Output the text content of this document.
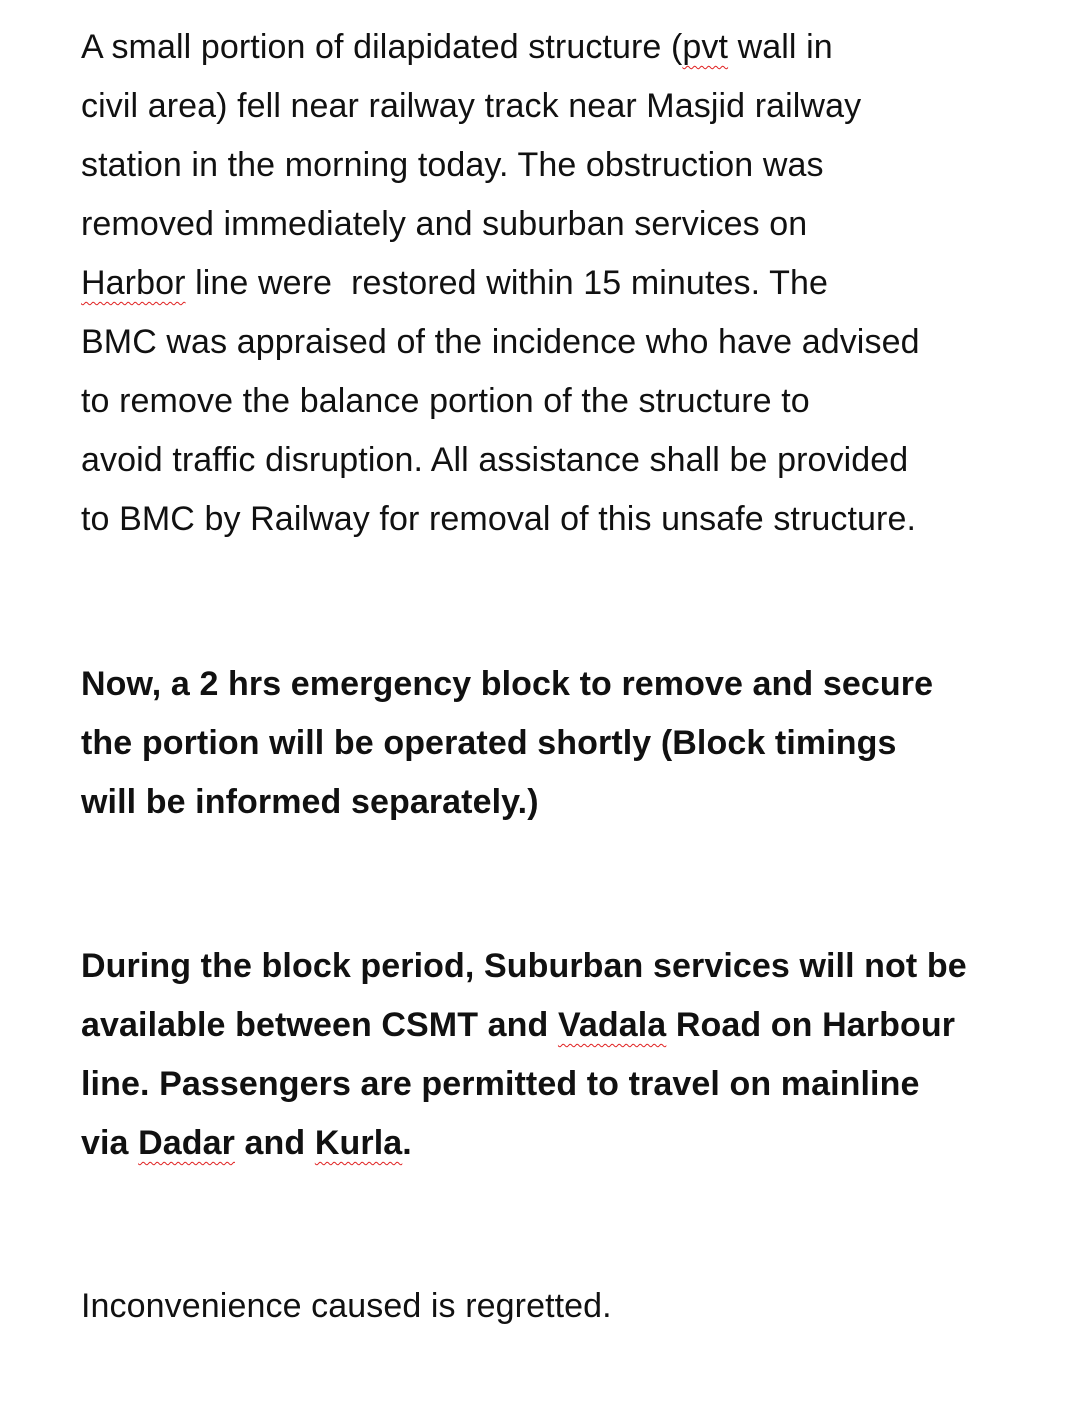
A small portion of dilapidated structure (pvt wall in
civil area) fell near railway track near Masjid railway
station in the morning today. The obstruction was
removed immediately and suburban services on
Harbor line were  restored within 15 minutes. The
BMC was appraised of the incidence who have advised
to remove the balance portion of the structure to
avoid traffic disruption. All assistance shall be provided
to BMC by Railway for removal of this unsafe structure.

Now, a 2 hrs emergency block to remove and secure
the portion will be operated shortly (Block timings
will be informed separately.)

During the block period, Suburban services will not be
available between CSMT and Vadala Road on Harbour
line. Passengers are permitted to travel on mainline
via Dadar and Kurla.

Inconvenience caused is regretted.
